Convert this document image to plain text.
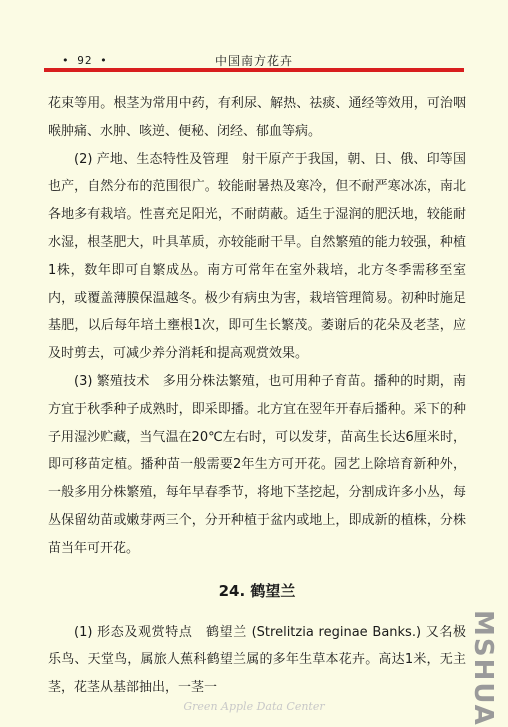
• 92 •	中国南方花卉

花束等用。根茎为常用中药，有利尿、解热、祛痰、通经等效用，可治咽喉肿痛、水肿、咳逆、便秘、闭经、郁血等病。

(2) 产地、生态特性及管理　射干原产于我国，朝、日、俄、印等国也产，自然分布的范围很广。较能耐暑热及寒冷，但不耐严寒冰冻，南北各地多有栽培。性喜充足阳光，不耐荫蔽。适生于湿润的肥沃地，较能耐水湿，根茎肥大，叶具革质，亦较能耐干旱。自然繁殖的能力较强，种植1株，数年即可自繁成丛。南方可常年在室外栽培，北方冬季需移至室内，或覆盖薄膜保温越冬。极少有病虫为害，栽培管理简易。初种时施足基肥，以后每年培土壅根1次，即可生长繁茂。萎谢后的花朵及老茎，应及时剪去，可减少养分消耗和提高观赏效果。

(3) 繁殖技术　多用分株法繁殖，也可用种子育苗。播种的时期，南方宜于秋季种子成熟时，即采即播。北方宜在翌年开春后播种。采下的种子用湿沙贮藏，当气温在20℃左右时，可以发芽，苗高生长达6厘米时，即可移苗定植。播种苗一般需要2年生方可开花。园艺上除培育新种外，一般多用分株繁殖，每年早春季节，将地下茎挖起，分割成许多小丛，每丛保留幼苗或嫩芽两三个，分开种植于盆内或地上，即成新的植株，分株苗当年可开花。

24. 鹤望兰

(1) 形态及观赏特点　鹤望兰 (Strelitzia reginae Banks.) 又名极乐鸟、天堂鸟，属旅人蕉科鹤望兰属的多年生草本花卉。高达1米，无主茎，花茎从基部抽出，一茎一	MSHUA
Green Apple Data Center
